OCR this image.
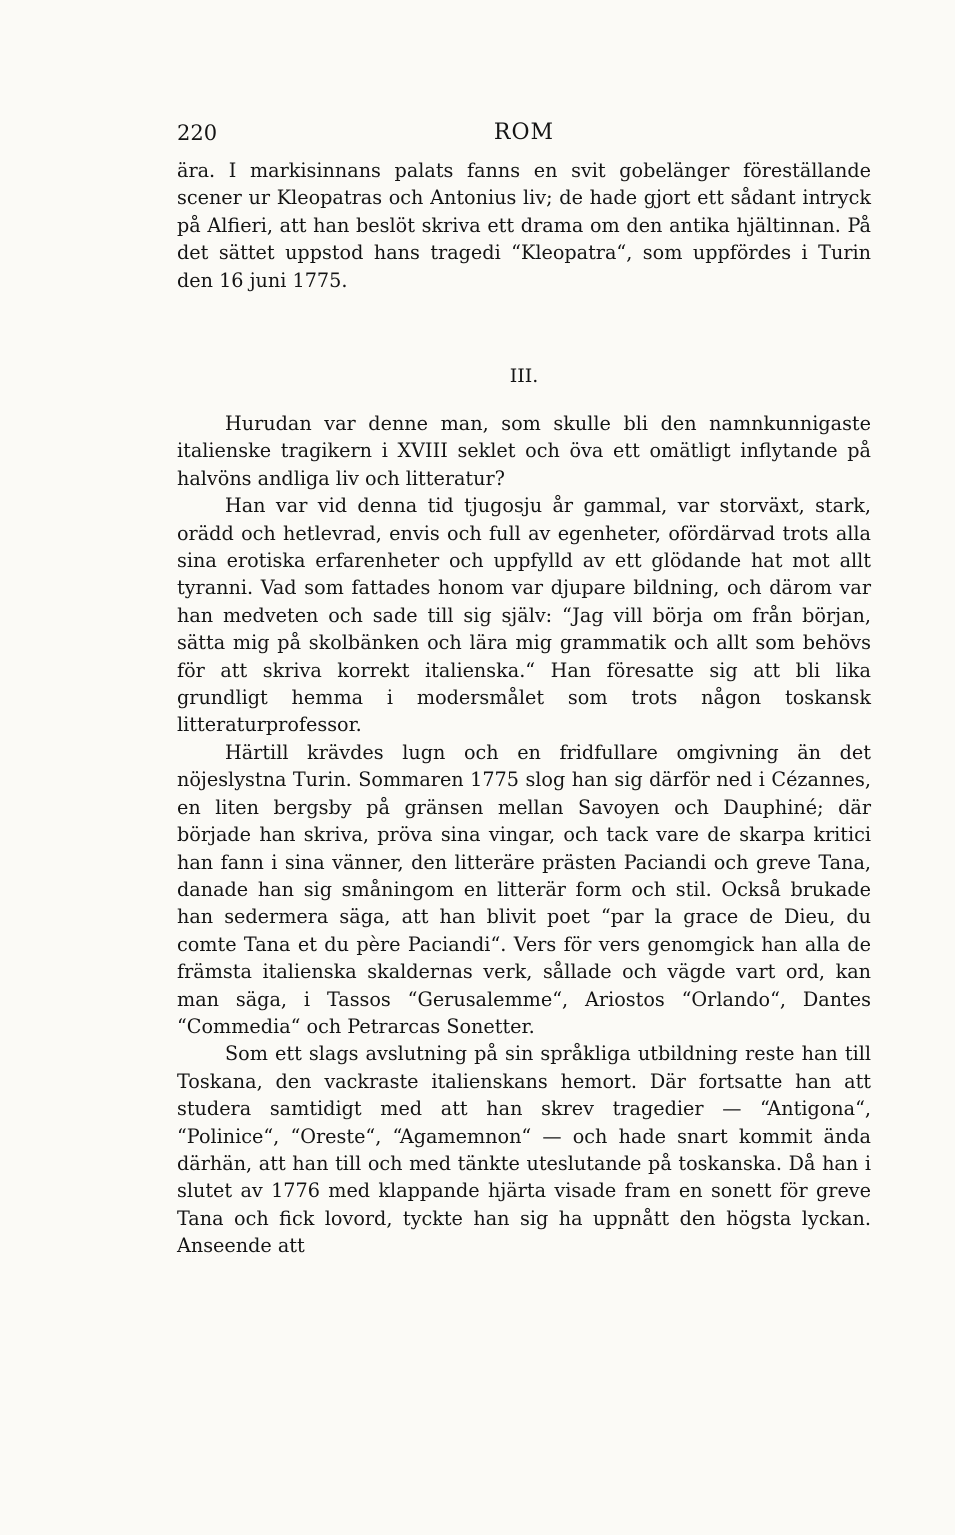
220	ROM

ära. I markisinnans palats fanns en svit gobelänger föreställande scener ur Kleopatras och Antonius liv; de hade gjort ett sådant intryck på Alfieri, att han beslöt skriva ett drama om den antika hjältinnan. På det sättet uppstod hans tragedi “Kleopatra“, som uppfördes i Turin den 16 juni 1775.

III.

Hurudan var denne man, som skulle bli den namnkunnigaste italienske tragikern i XVIII seklet och öva ett omätligt inflytande på halvöns andliga liv och litteratur?

Han var vid denna tid tjugosju år gammal, var storväxt, stark, orädd och hetlevrad, envis och full av egenheter, ofördärvad trots alla sina erotiska erfarenheter och uppfylld av ett glödande hat mot allt tyranni. Vad som fattades honom var djupare bildning, och därom var han medveten och sade till sig själv: “Jag vill börja om från början, sätta mig på skolbänken och lära mig grammatik och allt som behövs för att skriva korrekt italienska.“ Han föresatte sig att bli lika grundligt hemma i modersmålet som trots någon toskansk litteraturprofessor.

Härtill krävdes lugn och en fridfullare omgivning än det nöjeslystna Turin. Sommaren 1775 slog han sig därför ned i Cézannes, en liten bergsby på gränsen mellan Savoyen och Dauphiné; där började han skriva, pröva sina vingar, och tack vare de skarpa kritici han fann i sina vänner, den litteräre prästen Paciandi och greve Tana, danade han sig småningom en litterär form och stil. Också brukade han sedermera säga, att han blivit poet “par la grace de Dieu, du comte Tana et du père Paciandi“. Vers för vers genomgick han alla de främsta italienska skaldernas verk, sållade och vägde vart ord, kan man säga, i Tassos “Gerusalemme“, Ariostos “Orlando“, Dantes “Commedia“ och Petrarcas Sonetter.

Som ett slags avslutning på sin språkliga utbildning reste han till Toskana, den vackraste italienskans hemort. Där fortsatte han att studera samtidigt med att han skrev tragedier — “Antigona“, “Polinice“, “Oreste“, “Agamemnon“ — och hade snart kommit ända därhän, att han till och med tänkte uteslutande på toskanska. Då han i slutet av 1776 med klappande hjärta visade fram en sonett för greve Tana och fick lovord, tyckte han sig ha uppnått den högsta lyckan. Anseende att
